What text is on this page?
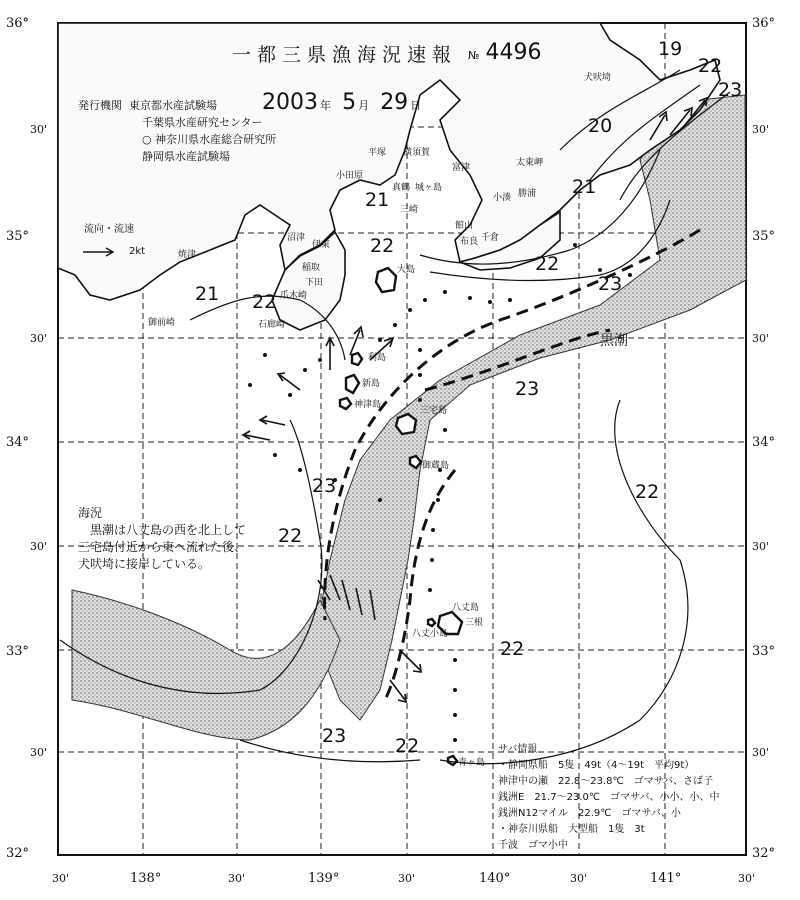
36°
30'
35°
30'
34°
30'
33°
30'
32°
36°
30'
35°
30'
34°
30'
33°
30'
32°
30'	138°	30'	139°	30'	140°	30'	141°	30'
19
20
21
22
23
21
22
22
21 22
23
23
22
22
23
22
22
23
黒潮
犬吠埼
太東岬
勝浦
小湊
千倉
布良
富津
横須賀
平塚
小田原
真鶴
沼津
伊東
稲取
下田
爪木崎
石廊崎
焼津
御前崎
大島
利島
新島
神津島
三宅島
御蔵島
八丈島
八丈小島
三根
青ヶ島
館山
三崎
城ヶ島
一都三県漁海況速報 № 4496
2003 年 5 月 29 日
発行機関 東京都水産試験場
千葉県水産研究センター
○ 神奈川県水産総合研究所
静岡県水産試験場
流向・流速
2kt
海況
黒潮は八丈島の西を北上して
三宅島付近から東へ流れた後、
犬吠埼に接岸している。
サバ情報
・静岡県船　5隻　49t（4〜19t　平均9t）
神津中の瀬　22.8〜23.8℃　ゴマサバ、さば子
銭洲E　21.7〜23.0℃　ゴマサバ、小小、小、中
銭洲N12マイル　22.9℃　ゴマサバ、小
・神奈川県船　大型船　1隻　3t
千波　ゴマ小中
